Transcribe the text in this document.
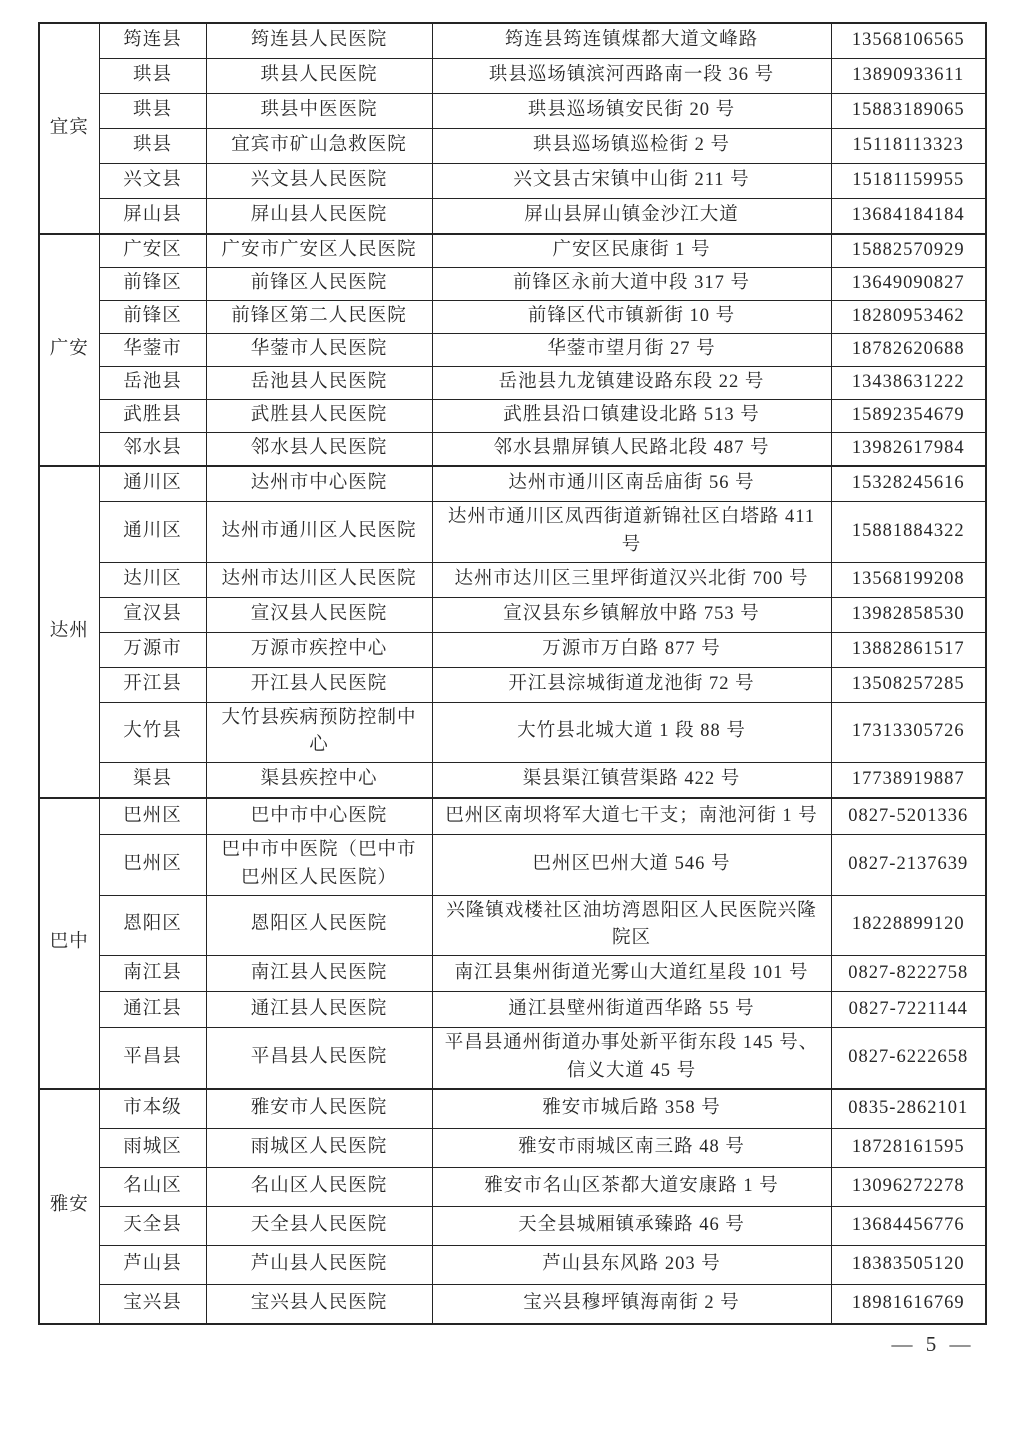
宜宾	筠连县	筠连县人民医院	筠连县筠连镇煤都大道文峰路	13568106565
	珙县	珙县人民医院	珙县巡场镇滨河西路南一段 36 号	13890933611
	珙县	珙县中医医院	珙县巡场镇安民街 20 号	15883189065
	珙县	宜宾市矿山急救医院	珙县巡场镇巡检街 2 号	15118113323
	兴文县	兴文县人民医院	兴文县古宋镇中山街 211 号	15181159955
	屏山县	屏山县人民医院	屏山县屏山镇金沙江大道	13684184184
广安	广安区	广安市广安区人民医院	广安区民康街 1 号	15882570929
	前锋区	前锋区人民医院	前锋区永前大道中段 317 号	13649090827
	前锋区	前锋区第二人民医院	前锋区代市镇新街 10 号	18280953462
	华蓥市	华蓥市人民医院	华蓥市望月街 27 号	18782620688
	岳池县	岳池县人民医院	岳池县九龙镇建设路东段 22 号	13438631222
	武胜县	武胜县人民医院	武胜县沿口镇建设北路 513 号	15892354679
	邻水县	邻水县人民医院	邻水县鼎屏镇人民路北段 487 号	13982617984
达州	通川区	达州市中心医院	达州市通川区南岳庙街 56 号	15328245616
	通川区	达州市通川区人民医院	达州市通川区凤西街道新锦社区白塔路 411 号	15881884322
	达川区	达州市达川区人民医院	达州市达川区三里坪街道汉兴北街 700 号	13568199208
	宣汉县	宣汉县人民医院	宣汉县东乡镇解放中路 753 号	13982858530
	万源市	万源市疾控中心	万源市万白路 877 号	13882861517
	开江县	开江县人民医院	开江县淙城街道龙池街 72 号	13508257285
	大竹县	大竹县疾病预防控制中心	大竹县北城大道 1 段 88 号	17313305726
	渠县	渠县疾控中心	渠县渠江镇营渠路 422 号	17738919887
巴中	巴州区	巴中市中心医院	巴州区南坝将军大道七干支；南池河街 1 号	0827-5201336
	巴州区	巴中市中医院（巴中市巴州区人民医院）	巴州区巴州大道 546 号	0827-2137639
	恩阳区	恩阳区人民医院	兴隆镇戏楼社区油坊湾恩阳区人民医院兴隆院区	18228899120
	南江县	南江县人民医院	南江县集州街道光雾山大道红星段 101 号	0827-8222758
	通江县	通江县人民医院	通江县壁州街道西华路 55 号	0827-7221144
	平昌县	平昌县人民医院	平昌县通州街道办事处新平街东段 145 号、信义大道 45 号	0827-6222658
雅安	市本级	雅安市人民医院	雅安市城后路 358 号	0835-2862101
	雨城区	雨城区人民医院	雅安市雨城区南三路 48 号	18728161595
	名山区	名山区人民医院	雅安市名山区茶都大道安康路 1 号	13096272278
	天全县	天全县人民医院	天全县城厢镇承臻路 46 号	13684456776
	芦山县	芦山县人民医院	芦山县东风路 203 号	18383505120
	宝兴县	宝兴县人民医院	宝兴县穆坪镇海南街 2 号	18981616769
— 5 —
